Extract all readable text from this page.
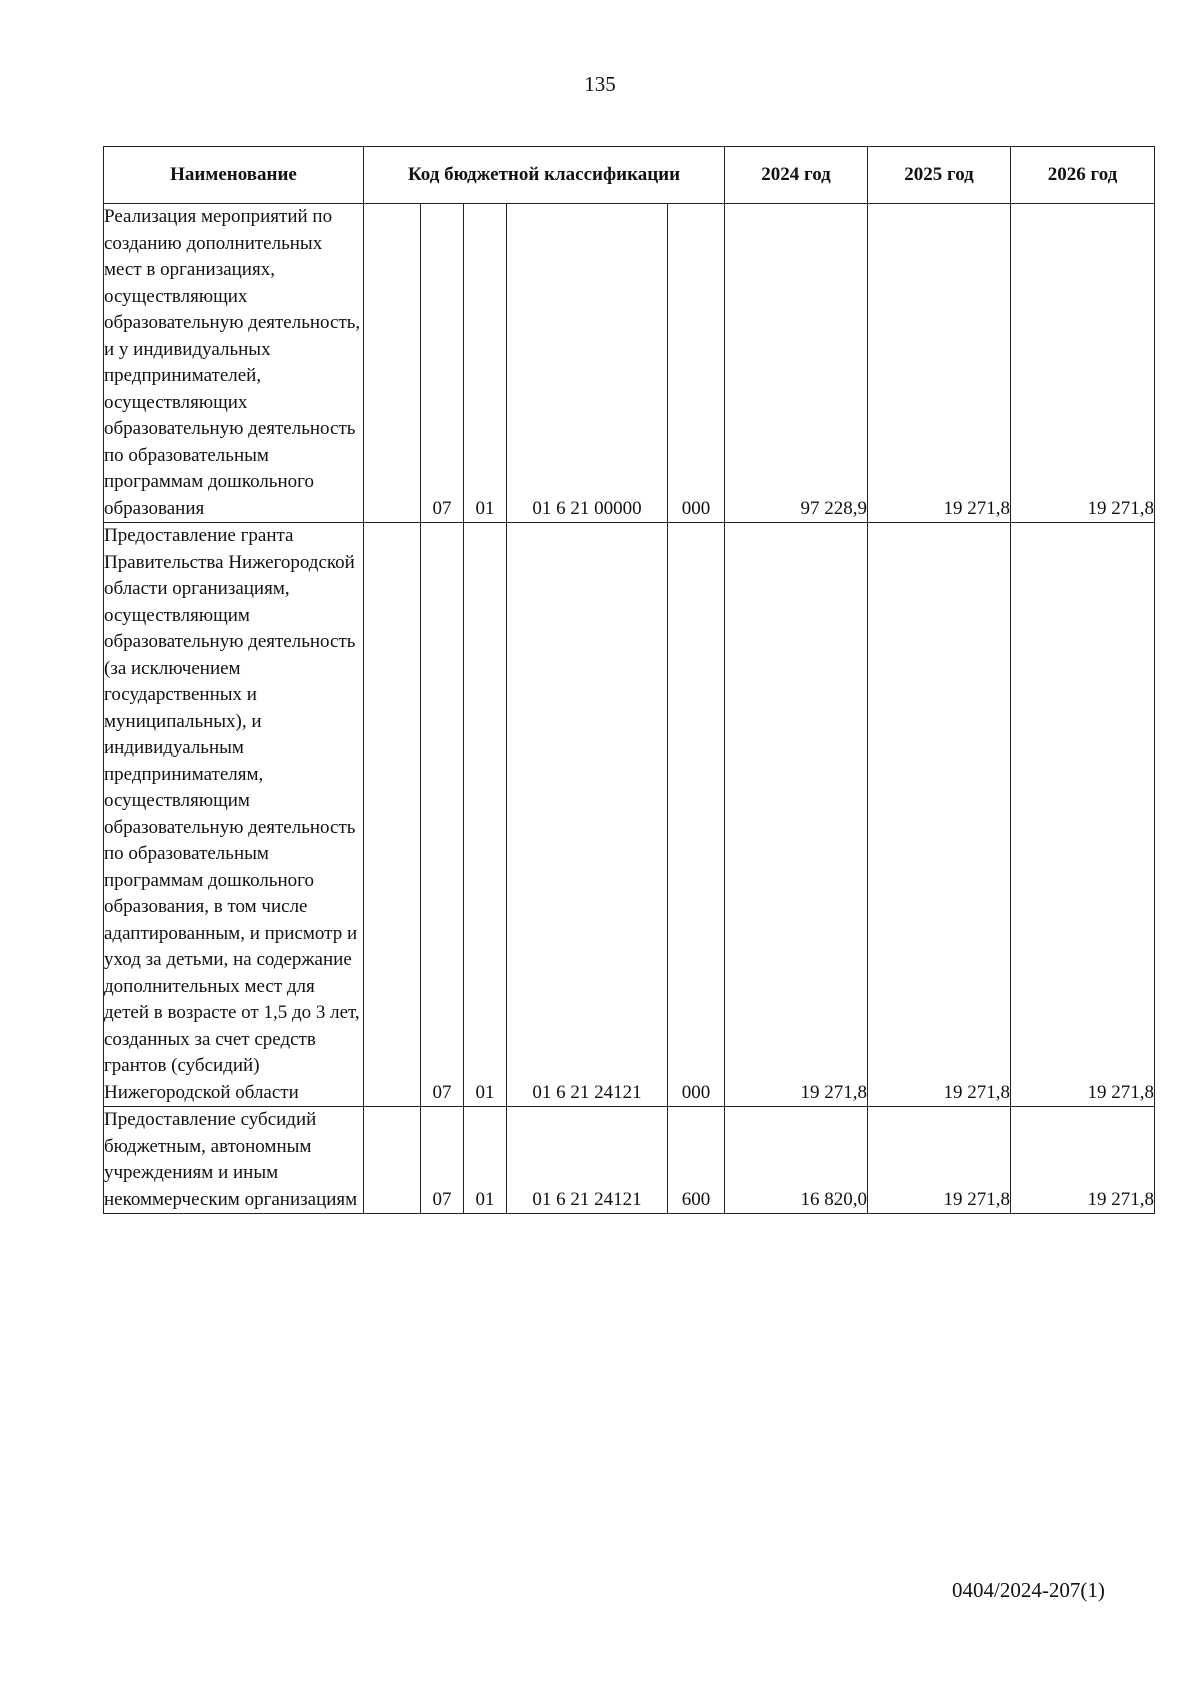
135
Наименование	Код бюджетной классификации					2024 год	2025 год	2026 год
Реализация мероприятий по созданию дополнительных мест в организациях, осуществляющих образовательную деятельность, и у индивидуальных предпринимателей, осуществляющих образовательную деятельность по образовательным программам дошкольного образования		07	01	01 6 21 00000	000	97 228,9	19 271,8	19 271,8
Предоставление гранта Правительства Нижегородской области организациям, осуществляющим образовательную деятельность (за исключением государственных и муниципальных), и индивидуальным предпринимателям, осуществляющим образовательную деятельность по образовательным программам дошкольного образования, в том числе адаптированным, и присмотр и уход за детьми, на содержание дополнительных мест для детей в возрасте от 1,5 до 3 лет, созданных за счет средств грантов (субсидий) Нижегородской области		07	01	01 6 21 24121	000	19 271,8	19 271,8	19 271,8
Предоставление субсидий бюджетным, автономным учреждениям и иным некоммерческим организациям		07	01	01 6 21 24121	600	16 820,0	19 271,8	19 271,8
0404/2024-207(1)
